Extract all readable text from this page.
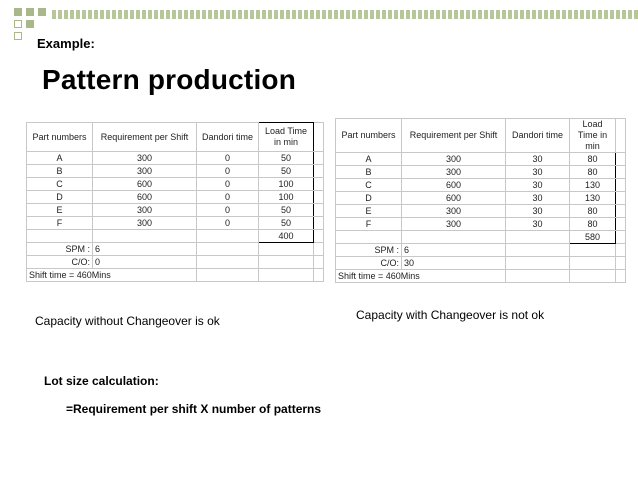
Example:
Pattern production
Part numbers	Requirement per Shift	Dandori time	Load Time in min	
A	300	0	50	
B	300	0	50	
C	600	0	100	
D	600	0	100	
E	300	0	50	
F	300	0	50	
			400	
SPM :	6			
C/O:	0			
Shift time = 460Mins				
Part numbers	Requirement per Shift	Dandori time	Load Time in min	
A	300	30	80	
B	300	30	80	
C	600	30	130	
D	600	30	130	
E	300	30	80	
F	300	30	80	
			580	
SPM :	6			
C/O:	30			
Shift time = 460Mins				
Capacity without Changeover is ok	Capacity with Changeover is not ok
Lot size calculation:
=Requirement per shift X number of patterns
